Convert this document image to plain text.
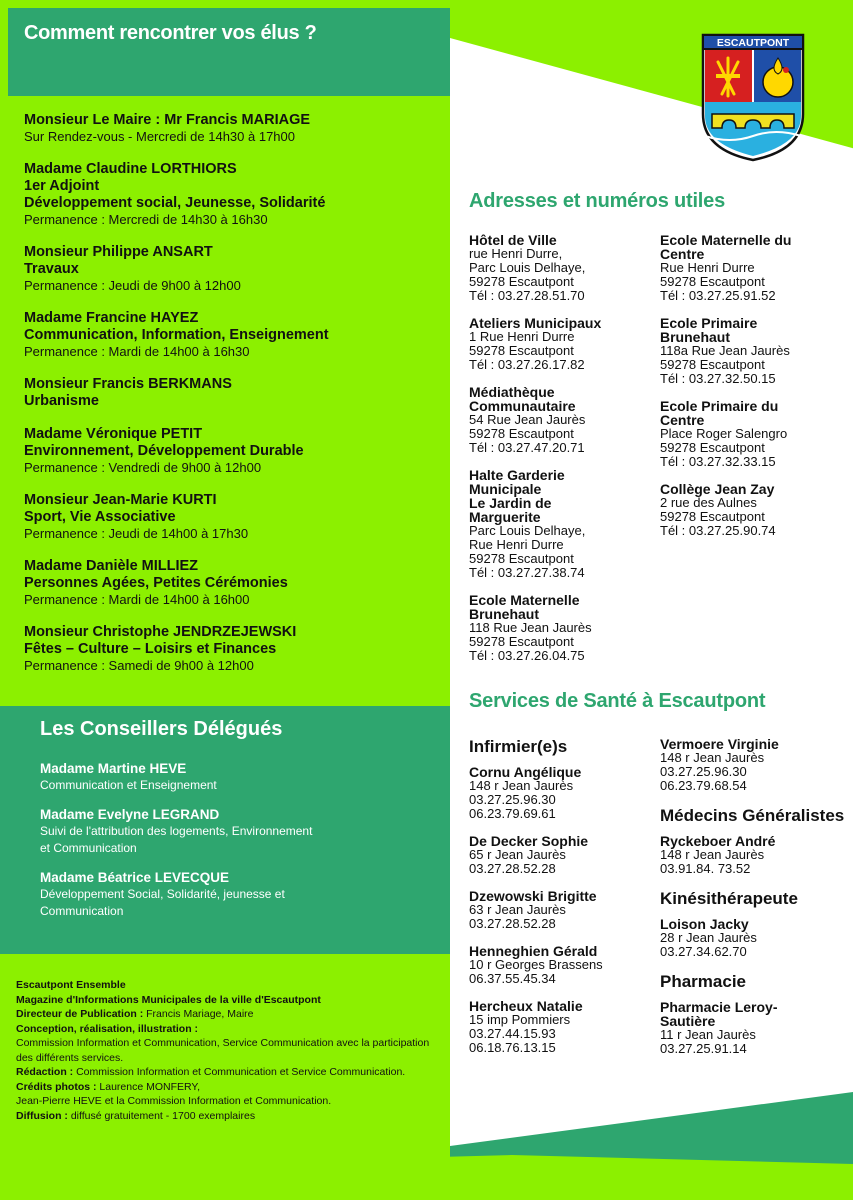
Comment rencontrer vos élus ?
Monsieur Le Maire : Mr Francis MARIAGE
Sur Rendez-vous - Mercredi de 14h30 à 17h00
Madame Claudine LORTHIORS
1er Adjoint
Développement social, Jeunesse, Solidarité
Permanence : Mercredi de 14h30 à 16h30
Monsieur Philippe ANSART
Travaux
Permanence : Jeudi de 9h00 à 12h00
Madame Francine HAYEZ
Communication, Information, Enseignement
Permanence : Mardi de 14h00 à 16h30
Monsieur Francis BERKMANS
Urbanisme
Madame Véronique PETIT
Environnement, Développement Durable
Permanence : Vendredi de 9h00 à 12h00
Monsieur Jean-Marie KURTI
Sport, Vie Associative
Permanence : Jeudi de 14h00 à 17h30
Madame Danièle MILLIEZ
Personnes Agées, Petites Cérémonies
Permanence : Mardi de 14h00 à 16h00
Monsieur Christophe JENDRZEJEWSKI
Fêtes – Culture – Loisirs et Finances
Permanence : Samedi de 9h00 à 12h00
Les Conseillers Délégués
Madame Martine HEVE
Communication et Enseignement
Madame Evelyne LEGRAND
Suivi de l'attribution des logements, Environnement
et Communication
Madame Béatrice LEVECQUE
Développement Social, Solidarité, jeunesse et
Communication
Escautpont Ensemble
Magazine d'Informations Municipales de la ville d'Escautpont
Directeur de Publication : Francis Mariage, Maire
Conception, réalisation, illustration :
Commission Information et Communication, Service Communication avec la participation des différents services.
Rédaction : Commission Information et Communication et Service Communication.
Crédits photos : Laurence MONFERY,
Jean-Pierre HEVE et la Commission Information et Communication.
Diffusion : diffusé gratuitement - 1700 exemplaires
ESCAUTPONT
Adresses et numéros utiles
Hôtel de Ville
rue Henri Durre,
Parc Louis Delhaye,
59278 Escautpont
Tél : 03.27.28.51.70
Ateliers Municipaux
1 Rue Henri Durre
59278 Escautpont
Tél : 03.27.26.17.82
Médiathèque
Communautaire
54 Rue Jean Jaurès
59278 Escautpont
Tél : 03.27.47.20.71
Halte Garderie
Municipale
Le Jardin de
Marguerite
Parc Louis Delhaye,
Rue Henri Durre
59278 Escautpont
Tél : 03.27.27.38.74
Ecole Maternelle
Brunehaut
118 Rue Jean Jaurès
59278 Escautpont
Tél : 03.27.26.04.75
Ecole Maternelle du
Centre
Rue Henri Durre
59278 Escautpont
Tél : 03.27.25.91.52
Ecole Primaire
Brunehaut
118a Rue Jean Jaurès
59278 Escautpont
Tél : 03.27.32.50.15
Ecole Primaire du
Centre
Place Roger Salengro
59278 Escautpont
Tél : 03.27.32.33.15
Collège Jean Zay
2 rue des Aulnes
59278 Escautpont
Tél : 03.27.25.90.74
Services de Santé à Escautpont
Infirmier(e)s
Cornu Angélique
148 r Jean Jaurès
03.27.25.96.30
06.23.79.69.61
De Decker Sophie
65 r Jean Jaurès
03.27.28.52.28
Dzewowski Brigitte
63 r Jean Jaurès
03.27.28.52.28
Henneghien Gérald
10 r Georges Brassens
06.37.55.45.34
Hercheux Natalie
15 imp Pommiers
03.27.44.15.93
06.18.76.13.15
Vermoere Virginie
148 r Jean Jaurès
03.27.25.96.30
06.23.79.68.54
Médecins Généralistes
Ryckeboer André
148 r Jean Jaurès
03.91.84. 73.52
Kinésithérapeute
Loison Jacky
28 r Jean Jaurès
03.27.34.62.70
Pharmacie
Pharmacie Leroy-
Sautière
11 r Jean Jaurès
03.27.25.91.14
